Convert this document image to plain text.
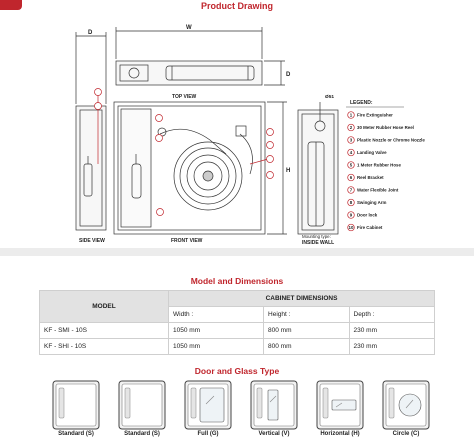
Product Drawing
D
W
D
H
Ø51
TOP VIEW
SIDE VIEW	FRONT VIEW
Mounting type:
INSIDE WALL
LEGEND:
1 Fire Extinguisher
2 30 Meter Rubber Hose Reel
3 Plastic Nozzle or Chrome Nozzle
4 Landing Valve
5 1 Meter Rubber Hose
6 Reel Bracket
7 Water Flexible Joint
8 Swinging Arm
9 Door lock
10 Fire Cabinet
Model and Dimensions
MODEL	CABINET DIMENSIONS		
	Width :	Height :	Depth :
KF - SMI - 10S	1050 mm	800 mm	230 mm
KF - SHI - 10S	1050 mm	800 mm	230 mm
Door and Glass Type
Standard (S)	Standard (S)	Full (G)	Vertical (V)	Horizontal (H)	Circle (C)
